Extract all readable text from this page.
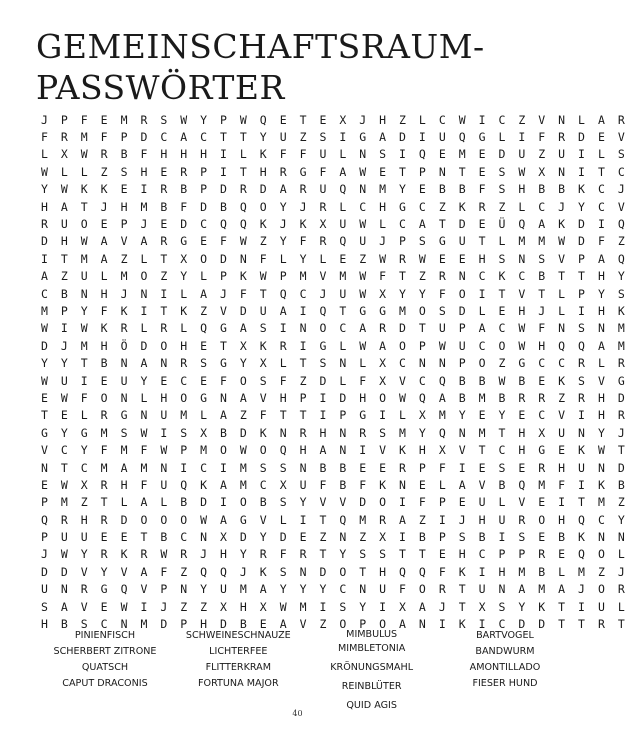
GEMEINSCHAFTSRAUM-
PASSWÖRTER
J	P	F	E	M	R	S	W	Y	P	W	Q	E	T	E	X	J	H	Z	L	C	W	I	C	Z	V	N	L	A	R
F	R	M	F	P	D	C	A	C	T	T	Y	U	Z	S	I	G	A	D	I	U	Q	G	L	I	F	R	D	E	V
L	X	W	R	B	F	H	H	H	I	L	K	F	F	U	L	N	S	I	Q	E	M	E	D	U	Z	U	I	L	S
W	L	L	Z	S	H	E	R	P	I	T	H	R	G	F	A	W	E	T	P	N	T	E	S	W	X	N	I	T	C
Y	W	K	K	E	I	R	B	P	D	R	D	A	R	U	Q	N	M	Y	E	B	B	F	S	H	B	B	K	C	J
H	A	T	J	H	M	B	F	D	B	Q	O	Y	J	R	L	C	H	G	C	Z	K	R	Z	L	C	J	Y	C	V
R	U	O	E	P	J	E	D	C	Q	Q	K	J	K	X	U	W	L	C	A	T	D	E	Ü	Q	A	K	D	I	Q
D	H	W	A	V	A	R	G	E	F	W	Z	Y	F	R	Q	U	J	P	S	G	U	T	L	M	M	W	D	F	Z
I	T	M	A	Z	L	T	X	O	D	N	F	L	Y	L	E	Z	W	R	W	E	E	H	S	N	S	V	P	A	Q
A	Z	U	L	M	O	Z	Y	L	P	K	W	P	M	V	M	W	F	T	Z	R	N	C	K	C	B	T	T	H	Y
C	B	N	H	J	N	I	L	A	J	F	T	Q	C	J	U	W	X	Y	Y	F	O	I	T	V	T	L	P	Y	S
M	P	Y	F	K	I	T	K	Z	V	D	U	A	I	Q	T	G	G	M	O	S	D	L	E	H	J	L	I	H	K
W	I	W	K	R	L	R	L	Q	G	A	S	I	N	O	C	A	R	D	T	U	P	A	C	W	F	N	S	N	M
D	J	M	H	Ö	D	O	H	E	T	X	K	R	I	G	L	W	A	O	P	W	U	C	O	W	H	Q	Q	A	M
Y	Y	T	B	N	A	N	R	S	G	Y	X	L	T	S	N	L	X	C	N	N	P	O	Z	G	C	C	R	L	R
W	U	I	E	U	Y	E	C	E	F	O	S	F	Z	D	L	F	X	V	C	Q	B	B	W	B	E	K	S	V	G
E	W	F	O	N	L	H	O	G	N	A	V	H	P	I	D	H	O	W	Q	A	B	M	B	R	R	Z	R	H	D
T	E	L	R	G	N	U	M	L	A	Z	F	T	T	I	P	G	I	L	X	M	Y	E	Y	E	C	V	I	H	R
G	Y	G	M	S	W	I	S	X	B	D	K	N	R	H	N	R	S	M	Y	Q	N	M	T	H	X	U	N	Y	J
V	C	Y	F	M	F	W	P	M	O	W	O	Q	H	A	N	I	V	K	H	X	V	T	C	H	G	E	K	W	T
N	T	C	M	A	M	N	I	C	I	M	S	S	N	B	B	E	E	R	P	F	I	E	S	E	R	H	U	N	D
E	W	X	R	H	F	U	Q	K	A	M	C	X	U	F	B	F	K	N	E	L	A	V	B	Q	M	F	I	K	B
P	M	Z	T	L	A	L	B	D	I	O	B	S	Y	V	V	D	O	I	F	P	E	U	L	V	E	I	T	M	Z
Q	R	H	R	D	O	O	O	W	A	G	V	L	I	T	Q	M	R	A	Z	I	J	H	U	R	O	H	Q	C	Y
P	U	U	E	E	T	B	C	N	X	D	Y	D	E	Z	N	Z	X	I	B	P	S	B	I	S	E	B	K	N	N
J	W	Y	R	K	R	W	R	J	H	Y	R	F	R	T	Y	S	S	T	T	E	H	C	P	P	R	E	Q	O	L
D	D	V	Y	V	A	F	Z	Q	Q	J	K	S	N	D	O	T	H	Q	Q	F	K	I	H	M	B	L	M	Z	J
U	N	R	G	Q	V	P	N	Y	U	M	A	Y	Y	Y	C	N	U	F	O	R	T	U	N	A	M	A	J	O	R
S	A	V	E	W	I	J	Z	Z	X	H	X	W	M	I	S	Y	I	X	A	J	T	X	S	Y	K	T	I	U	L
H	B	S	C	N	M	D	P	H	D	B	E	A	V	Z	O	P	O	A	N	I	K	I	C	D	D	T	T	R	T
PINIENFISCH
SCHERBERT ZITRONE
QUATSCH
CAPUT DRACONIS
SCHWEINESCHNAUZE
LICHTERFEE
FLITTERKRAM
FORTUNA MAJOR
MIMBULUS MIMBLETONIA
KRÖNUNGSMAHL
REINBLÜTER
QUID AGIS
BARTVOGEL
BANDWURM
AMONTILLADO
FIESER HUND
40
